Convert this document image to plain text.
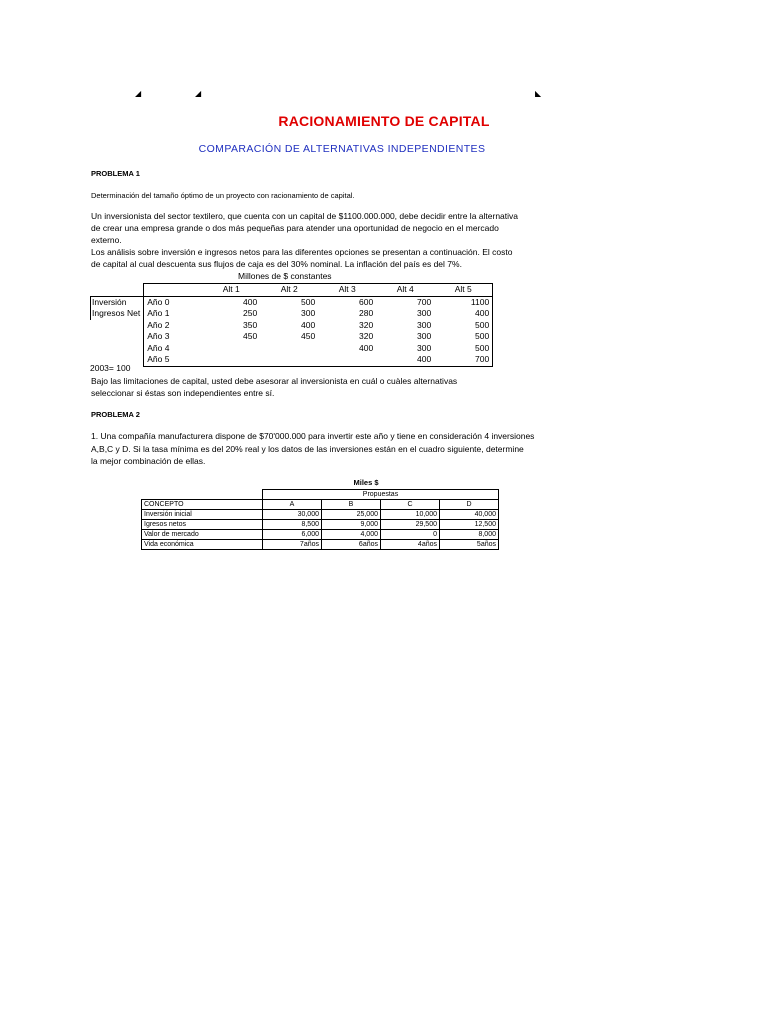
◢	◢	◣
RACIONAMIENTO DE CAPITAL
COMPARACIÓN DE ALTERNATIVAS INDEPENDIENTES
PROBLEMA 1
Determinación del tamaño óptimo de un proyecto con racionamiento de capital.
Un inversionista del sector textilero, que cuenta con un capital de $1100.000.000, debe decidir entre la alternativa
de crear una empresa grande o dos más pequeñas para atender una oportunidad de negocio en el mercado
externo.
Los análisis sobre inversión e ingresos netos para las diferentes opciones se presentan a continuación. El costo
de capital al cual descuenta sus flujos de caja es del 30% nominal. La inflación del país es del 7%.
Millones de $ constantes
		Alt 1	Alt 2	Alt 3	Alt 4	Alt 5
Inversión	Año 0	400	500	600	700	1100
Ingresos Net	Año 1	250	300	280	300	400
	Año 2	350	400	320	300	500
	Año 3	450	450	320	300	500
	Año 4			400	300	500
	Año 5				400	700
2003= 100
Bajo las limitaciones de capital, usted debe asesorar al inversionista en cuál o cuàles alternativas
seleccionar si éstas son independientes entre sí.
PROBLEMA 2
1. Una compañía manufacturera dispone de $70'000.000 para invertir este año y tiene en consideración 4 inversiones
A,B,C y D. Si la tasa mínima es del 20% real y los datos de las inversiones están en el cuadro siguiente, determine
la mejor combinación de ellas.
Miles $
	Propuestas			
CONCEPTO	A	B	C	D
Inversión inicial	30,000	25,000	10,000	40,000
Igresos netos	8,500	9,000	29,500	12,500
Valor de mercado	6,000	4,000	0	8,000
Vida económica	7años	6años	4años	5años
